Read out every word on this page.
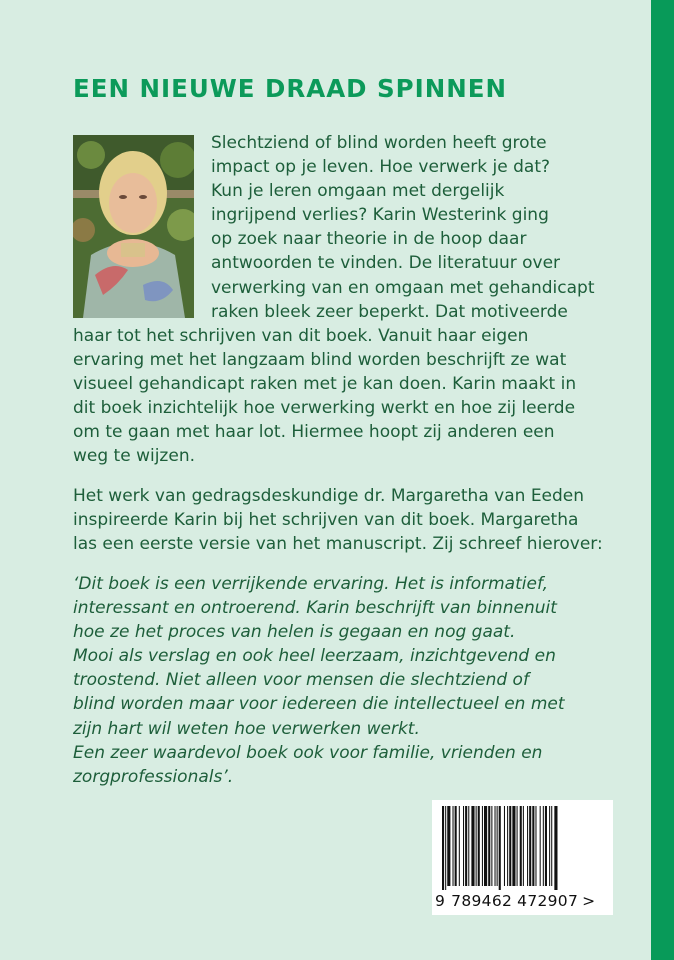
EEN NIEUWE DRAAD SPINNEN
Slechtziend of blind worden heeft grote
impact op je leven. Hoe verwerk je dat?
Kun je leren omgaan met dergelijk
ingrijpend verlies? Karin Westerink ging
op zoek naar theorie in de hoop daar
antwoorden te vinden. De literatuur over
verwerking van en omgaan met gehandicapt
raken bleek zeer beperkt. Dat motiveerde
haar tot het schrijven van dit boek. Vanuit haar eigen
ervaring met het langzaam blind worden beschrijft ze wat
visueel gehandicapt raken met je kan doen. Karin maakt in
dit boek inzichtelijk hoe verwerking werkt en hoe zij leerde
om te gaan met haar lot. Hiermee hoopt zij anderen een
weg te wijzen.
Het werk van gedragsdeskundige dr. Margaretha van Eeden
inspireerde Karin bij het schrijven van dit boek. Margaretha
las een eerste versie van het manuscript. Zij schreef hierover:
‘Dit boek is een verrijkende ervaring. Het is informatief,
interessant en ontroerend. Karin beschrijft van binnenuit
hoe ze het proces van helen is gegaan en nog gaat.
Mooi als verslag en ook heel leerzaam, inzichtgevend en
troostend. Niet alleen voor mensen die slechtziend of
blind worden maar voor iedereen die intellectueel en met
zijn hart wil weten hoe verwerken werkt.
Een zeer waardevol boek ook voor familie, vrienden en
zorgprofessionals’.
9 789462 472907 >
